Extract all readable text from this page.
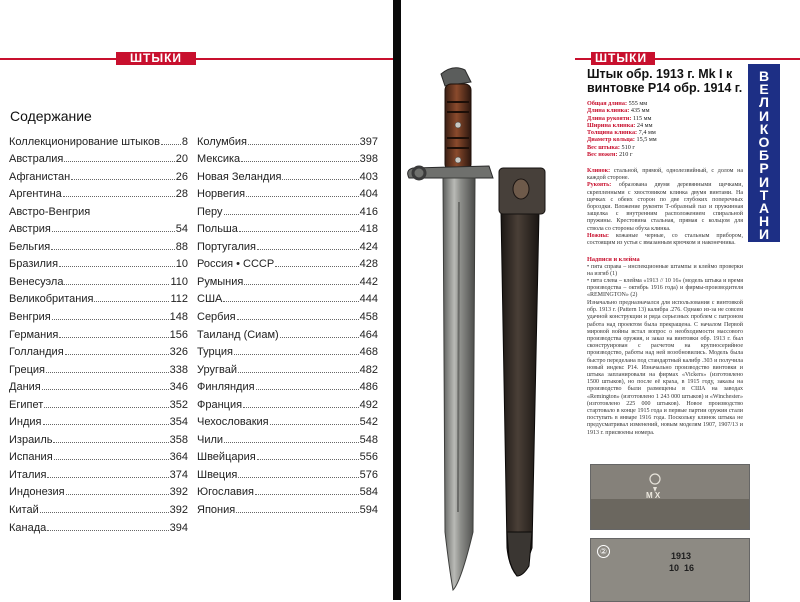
ШТЫКИ
Содержание
Коллекционирование штыков 8
Австралия	20
Афганистан	26
Аргентина	28
Австро-Венгрия
Австрия	54
Бельгия	88
Бразилия	10
Венесуэла	110
Великобритания	112
Венгрия	148
Германия	156
Голландия	326
Греция	338
Дания	346
Египет	352
Индия	354
Израиль	358
Испания	364
Италия	374
Индонезия	392
Китай	392
Канада	394
Колумбия	397
Мексика	398
Новая Зеландия	403
Норвегия	404
Перу	416
Польша	418
Португалия	424
Россия • СССР	428
Румыния	442
США	444
Сербия	458
Таиланд (Сиам)	464
Турция	468
Уругвай	482
Финляндия	486
Франция	492
Чехословакия	542
Чили	548
Швейцария	556
Швеция	576
Югославия	584
Япония	594
ШТЫКИ
В
Е
Л
И
К
О
Б
Р
И
Т
А
Н
И
Я
Штык обр. 1913 г. Mk I к винтовке P14 обр. 1914 г.
Общая длина: 555 мм
Длина клинка: 435 мм
Длина рукояти: 115 мм
Ширина клинка: 24 мм
Толщина клинка: 7,4 мм
Диаметр кольца: 15,5 мм
Вес штыка: 510 г
Вес ножен: 210 г

Клинок: стальной, прямой, однолезвийный, с долом на каждой стороне.

Рукоять: образована двумя деревянными щечками, скрепленными с хвостовиком клинка двумя винтами. На щечках с обеих сторон по две глубоких поперечных бороздки. Вложение рукояти Т-образный паз и пружинная защелка с внутренним расположением спиральной пружины. Крестовина стальная, прямая с кольцом для ствола со стороны обуха клинка.

Ножны: кожаные черные, со стальным прибором, состоящим из устья с вмазанным крючком и наконечника.

Надписи и клейма

• пята справа – инспекционные штампы и клеймо проверки на изгиб (1)

• пята слева – клейма «1913 // 10 16» (модель штыка и время производства – октябрь 1916 года) и фирмы-производителя «REMINGTON» (2)

Изначально предназначался для использования с винтовкой обр. 1913 г. (Pattern 13) калибра .276. Однако из-за не совсем удачной конструкции и ряда серьезных проблем с патроном работа над проектом была прекращена. С началом Первой мировой войны встал вопрос о необходимости массового производства оружия, и заказ на винтовки обр. 1913 г. был сконструирован с расчетом на крупносерийное производство, работы над ней возобновились. Модель была быстро переделана под стандартный калибр .303 и получила новый индекс P14. Изначально производство винтовки и штыка запланировали на фирмах «Vickers» (изготовлено 1500 штыков), но после её краха, в 1915 году, заказы на производство были размещены в США на заводах «Remington» (изготовлено 1 243 000 штыков) и «Winchester» (изготовлено 225 000 штыков). Новое производство стартовало в конце 1915 года и первые партии оружия стали поступать в январе 1916 года. Поскольку клинок штыка не предусматривал изменений, новым моделям 1907, 1907/13 и 1913 г. присвоены номера.

M X
②	1913
10  16
